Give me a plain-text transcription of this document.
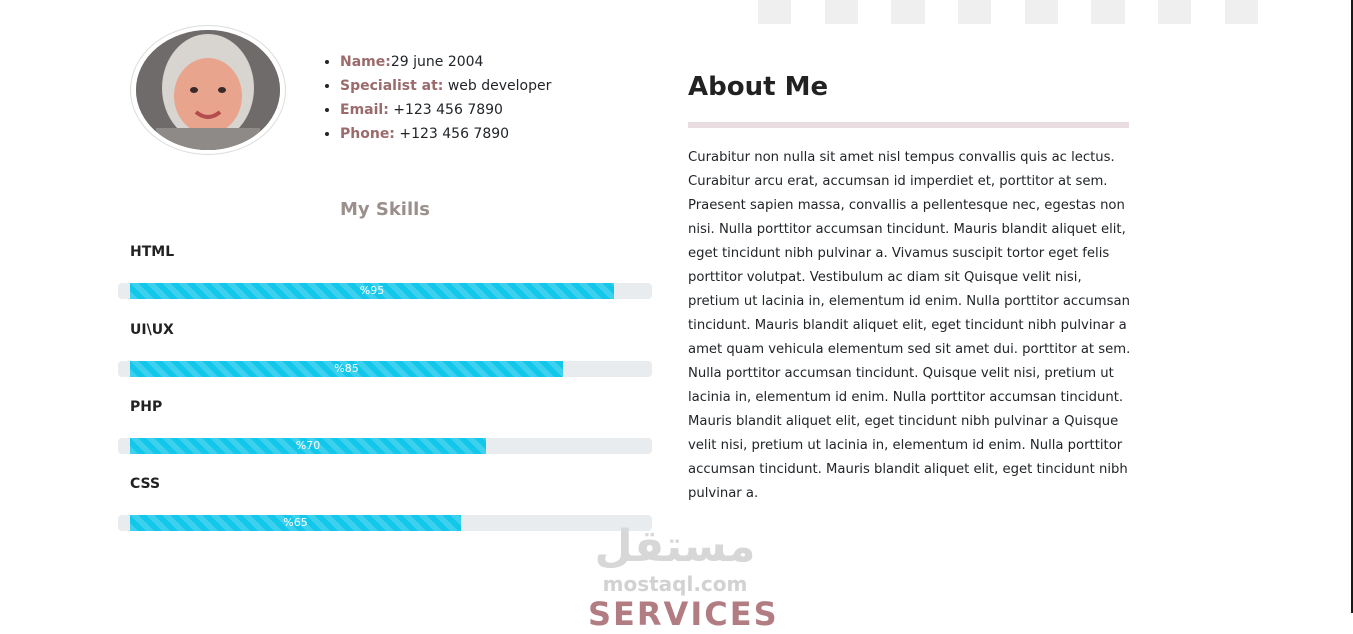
• Name:29 june 2004
• Specialist at: web developer
• Email: +123 456 7890
• Phone: +123 456 7890
My Skills
HTML
%95
UI\UX
%85
PHP
%70
CSS
%65
About Me

Curabitur non nulla sit amet nisl tempus convallis quis ac lectus. Curabitur arcu erat, accumsan id imperdiet et, porttitor at sem. Praesent sapien massa, convallis a pellentesque nec, egestas non nisi. Nulla porttitor accumsan tincidunt. Mauris blandit aliquet elit, eget tincidunt nibh pulvinar a. Vivamus suscipit tortor eget felis porttitor volutpat. Vestibulum ac diam sit Quisque velit nisi, pretium ut lacinia in, elementum id enim. Nulla porttitor accumsan tincidunt. Mauris blandit aliquet elit, eget tincidunt nibh pulvinar a amet quam vehicula elementum sed sit amet dui. porttitor at sem. Nulla porttitor accumsan tincidunt. Quisque velit nisi, pretium ut lacinia in, elementum id enim. Nulla porttitor accumsan tincidunt. Mauris blandit aliquet elit, eget tincidunt nibh pulvinar a Quisque velit nisi, pretium ut lacinia in, elementum id enim. Nulla porttitor accumsan tincidunt. Mauris blandit aliquet elit, eget tincidunt nibh pulvinar a.

مستقل
mostaql.com
SERVICES
